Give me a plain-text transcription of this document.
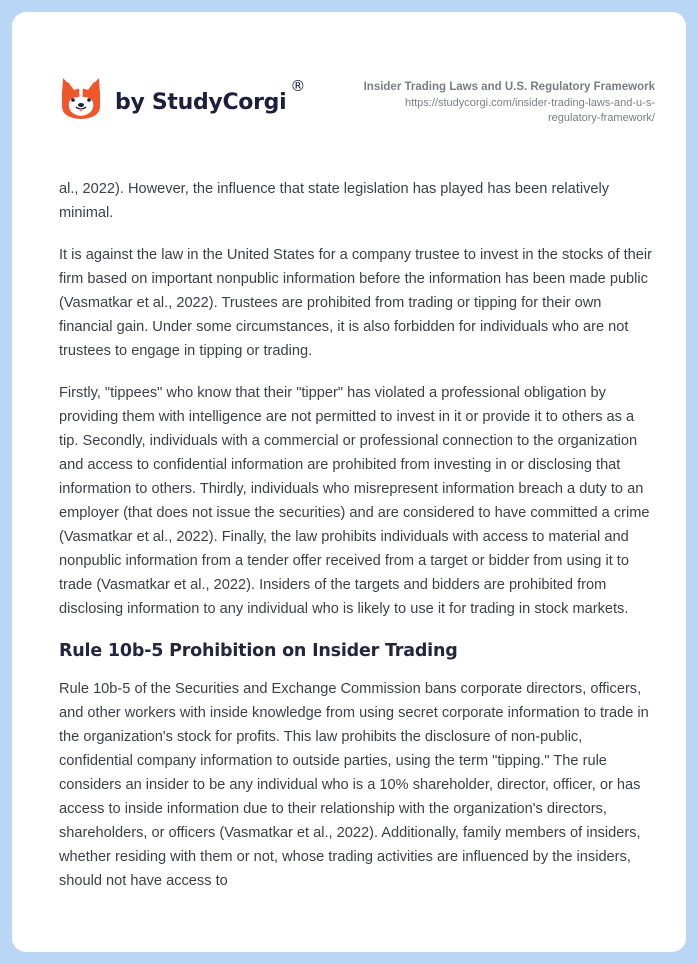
by StudyCorgi
®	Insider Trading Laws and U.S. Regulatory Framework
https://studycorgi.com/insider-trading-laws-and-u-s-
regulatory-framework/

al., 2022). However, the influence that state legislation has played has been relatively minimal.

It is against the law in the United States for a company trustee to invest in the stocks of their firm based on important nonpublic information before the information has been made public (Vasmatkar et al., 2022). Trustees are prohibited from trading or tipping for their own financial gain. Under some circumstances, it is also forbidden for individuals who are not trustees to engage in tipping or trading.

Firstly, "tippees" who know that their "tipper" has violated a professional obligation by providing them with intelligence are not permitted to invest in it or provide it to others as a tip. Secondly, individuals with a commercial or professional connection to the organization and access to confidential information are prohibited from investing in or disclosing that information to others. Thirdly, individuals who misrepresent information breach a duty to an employer (that does not issue the securities) and are considered to have committed a crime (Vasmatkar et al., 2022). Finally, the law prohibits individuals with access to material and nonpublic information from a tender offer received from a target or bidder from using it to trade (Vasmatkar et al., 2022). Insiders of the targets and bidders are prohibited from disclosing information to any individual who is likely to use it for trading in stock markets.

Rule 10b-5 Prohibition on Insider Trading

Rule 10b-5 of the Securities and Exchange Commission bans corporate directors, officers, and other workers with inside knowledge from using secret corporate information to trade in the organization's stock for profits. This law prohibits the disclosure of non-public, confidential company information to outside parties, using the term "tipping." The rule considers an insider to be any individual who is a 10% shareholder, director, officer, or has access to inside information due to their relationship with the organization's directors, shareholders, or officers (Vasmatkar et al., 2022). Additionally, family members of insiders, whether residing with them or not, whose trading activities are influenced by the insiders, should not have access to
